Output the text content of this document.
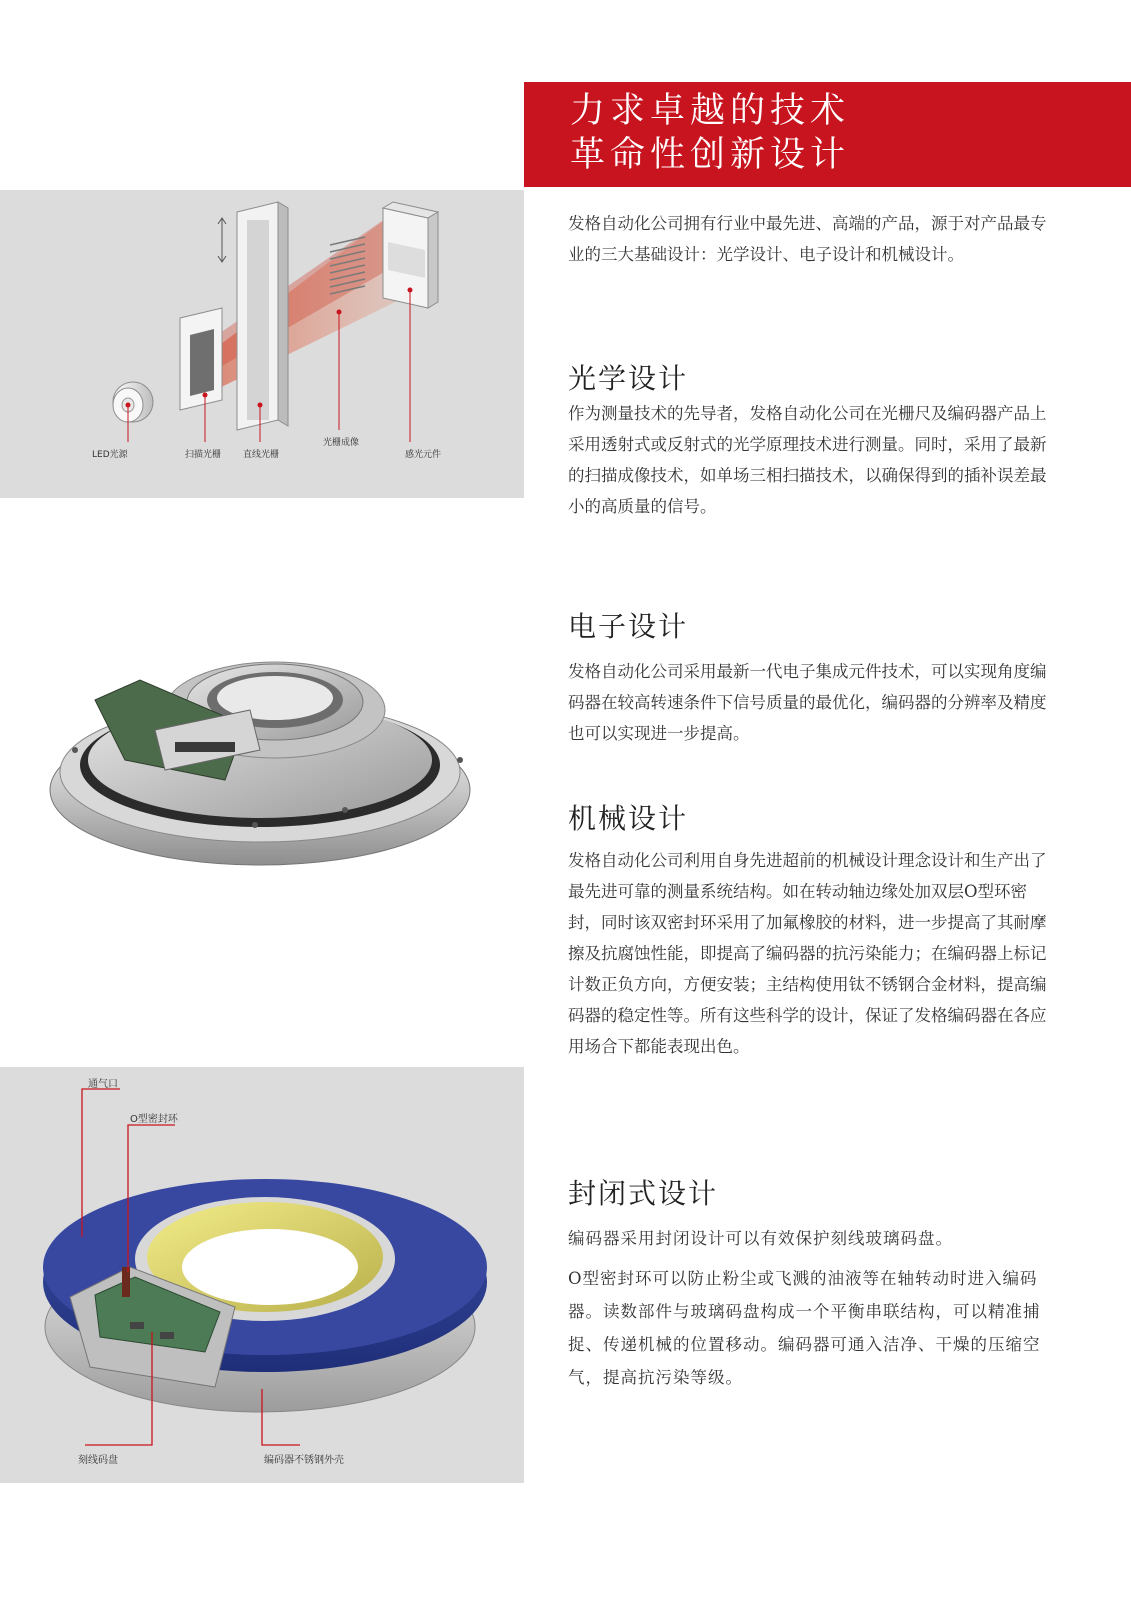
力求卓越的技术
革命性创新设计

发格自动化公司拥有行业中最先进、高端的产品，源于对产品最专业的三大基础设计：光学设计、电子设计和机械设计。

LED光源	扫描光栅 直线光栅
光栅成像
感光元件
光学设计

作为测量技术的先导者，发格自动化公司在光栅尺及编码器产品上采用透射式或反射式的光学原理技术进行测量。同时，采用了最新的扫描成像技术，如单场三相扫描技术，以确保得到的插补误差最小的高质量的信号。

电子设计

发格自动化公司采用最新一代电子集成元件技术，可以实现角度编码器在较高转速条件下信号质量的最优化，编码器的分辨率及精度也可以实现进一步提高。

机械设计

发格自动化公司利用自身先进超前的机械设计理念设计和生产出了最先进可靠的测量系统结构。如在转动轴边缘处加双层O型环密封，同时该双密封环采用了加氟橡胶的材料，进一步提高了其耐摩擦及抗腐蚀性能，即提高了编码器的抗污染能力；在编码器上标记计数正负方向，方便安装；主结构使用钛不锈钢合金材料，提高编码器的稳定性等。所有这些科学的设计，保证了发格编码器在各应用场合下都能表现出色。

通气口
O型密封环
刻线码盘	编码器不锈钢外壳
封闭式设计

编码器采用封闭设计可以有效保护刻线玻璃码盘。

O型密封环可以防止粉尘或飞溅的油液等在轴转动时进入编码器。读数部件与玻璃码盘构成一个平衡串联结构，可以精准捕捉、传递机械的位置移动。编码器可通入洁净、干燥的压缩空气，提高抗污染等级。
